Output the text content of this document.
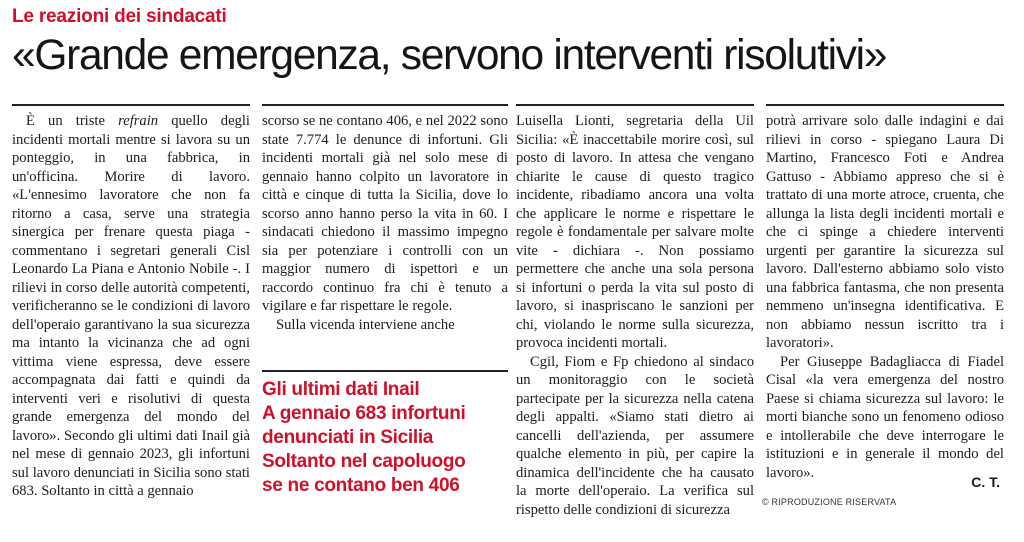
Le reazioni dei sindacati
«Grande emergenza, servono interventi risolutivi»

È un triste refrain quello degli incidenti mortali mentre si lavora su un ponteggio, in una fabbrica, in un'officina. Morire di lavoro. «L'ennesimo lavoratore che non fa ritorno a casa, serve una strategia sinergica per frenare questa piaga - commentano i segretari generali Cisl Leonardo La Piana e Antonio Nobile -. I rilievi in corso delle autorità competenti, verificheranno se le condizioni di lavoro dell'operaio garantivano la sua sicurezza ma intanto la vicinanza che ad ogni vittima viene espressa, deve essere accompagnata dai fatti e quindi da interventi veri e risolutivi di questa grande emergenza del mondo del lavoro». Secondo gli ultimi dati Inail già nel mese di gennaio 2023, gli infortuni sul lavoro denunciati in Sicilia sono stati 683. Soltanto in città a gennaio

scorso se ne contano 406, e nel 2022 sono state 7.774 le denunce di infortuni. Gli incidenti mortali già nel solo mese di gennaio hanno colpito un lavoratore in città e cinque di tutta la Sicilia, dove lo scorso anno hanno perso la vita in 60. I sindacati chiedono il massimo impegno sia per potenziare i controlli con un maggior numero di ispettori e un raccordo continuo fra chi è tenuto a vigilare e far rispettare le regole.

Sulla vicenda interviene anche

Gli ultimi dati Inail
A gennaio 683 infortuni
denunciati in Sicilia
Soltanto nel capoluogo
se ne contano ben 406

Luisella Lionti, segretaria della Uil Sicilia: «È inaccettabile morire così, sul posto di lavoro. In attesa che vengano chiarite le cause di questo tragico incidente, ribadiamo ancora una volta che applicare le norme e rispettare le regole è fondamentale per salvare molte vite - dichiara -. Non possiamo permettere che anche una sola persona si infortuni o perda la vita sul posto di lavoro, si inaspriscano le sanzioni per chi, violando le norme sulla sicurezza, provoca incidenti mortali.

Cgil, Fiom e Fp chiedono al sindaco un monitoraggio con le società partecipate per la sicurezza nella catena degli appalti. «Siamo stati dietro ai cancelli dell'azienda, per assumere qualche elemento in più, per capire la dinamica dell'incidente che ha causato la morte dell'operaio. La verifica sul rispetto delle condizioni di sicurezza

potrà arrivare solo dalle indagini e dai rilievi in corso - spiegano Laura Di Martino, Francesco Foti e Andrea Gattuso - Abbiamo appreso che si è trattato di una morte atroce, cruenta, che allunga la lista degli incidenti mortali e che ci spinge a chiedere interventi urgenti per garantire la sicurezza sul lavoro. Dall'esterno abbiamo solo visto una fabbrica fantasma, che non presenta nemmeno un'insegna identificativa. E non abbiamo nessun iscritto tra i lavoratori».

Per Giuseppe Badagliacca di Fiadel Cisal «la vera emergenza del nostro Paese si chiama sicurezza sul lavoro: le morti bianche sono un fenomeno odioso e intollerabile che deve interrogare le istituzioni e in generale il mondo del lavoro».

C. T.
© RIPRODUZIONE RISERVATA
